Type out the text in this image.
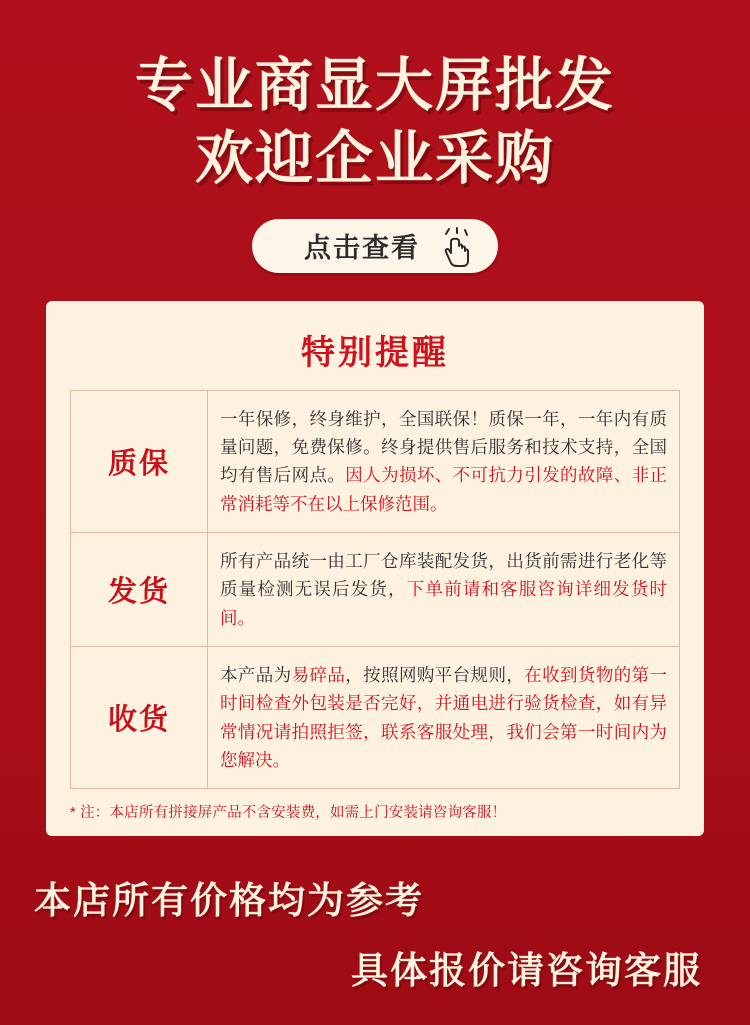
专业商显大屏批发
欢迎企业采购
点击查看
特别提醒
质保	一年保修，终身维护，全国联保！质保一年，一年内有质量问题，免费保修。终身提供售后服务和技术支持，全国均有售后网点。因人为损坏、不可抗力引发的故障、非正常消耗等不在以上保修范围。
发货	所有产品统一由工厂仓库装配发货，出货前需进行老化等质量检测无误后发货，下单前请和客服咨询详细发货时间。
收货	本产品为易碎品，按照网购平台规则，在收到货物的第一时间检查外包装是否完好，并通电进行验货检查，如有异常情况请拍照拒签，联系客服处理，我们会第一时间内为您解决。
* 注：本店所有拼接屏产品不含安装费，如需上门安装请咨询客服！
本店所有价格均为参考
具体报价请咨询客服
